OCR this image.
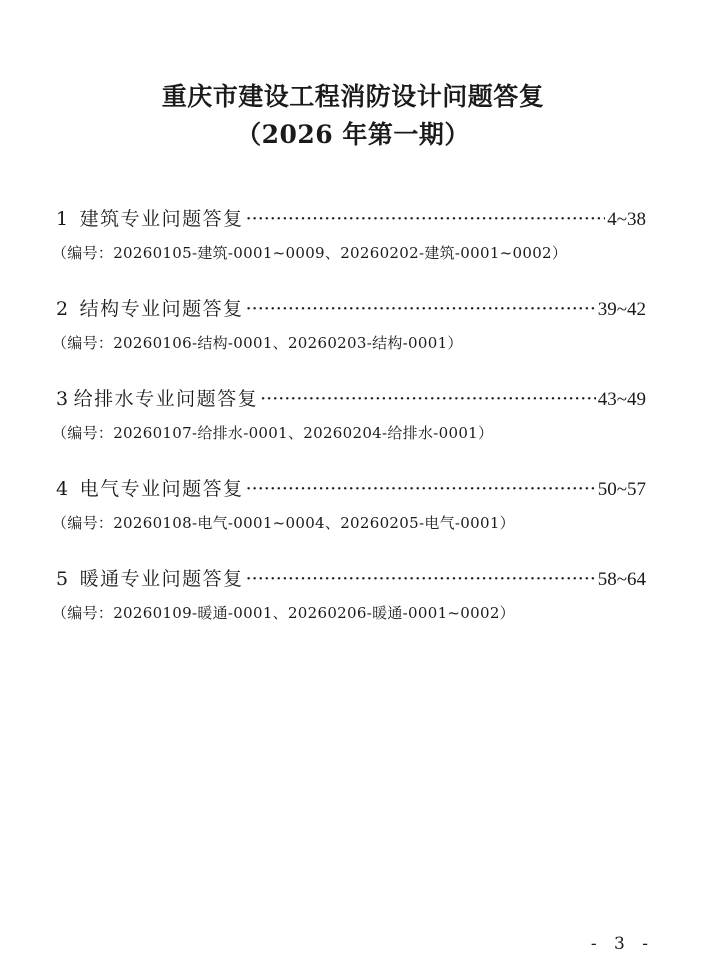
重庆市建设工程消防设计问题答复
（2026 年第一期）
1 建筑专业问题答复 ·····	4~38
（编号：20260105-建筑-0001~0009、20260202-建筑-0001~0002）
2 结构专业问题答复 ·····	39~42
（编号：20260106-结构-0001、20260203-结构-0001）
3 给排水专业问题答复 ·····	43~49
（编号：20260107-给排水-0001、20260204-给排水-0001）
4 电气专业问题答复 ·····	50~57
（编号：20260108-电气-0001~0004、20260205-电气-0001）
5 暖通专业问题答复 ·····	58~64
（编号：20260109-暖通-0001、20260206-暖通-0001~0002）
- 3 -
